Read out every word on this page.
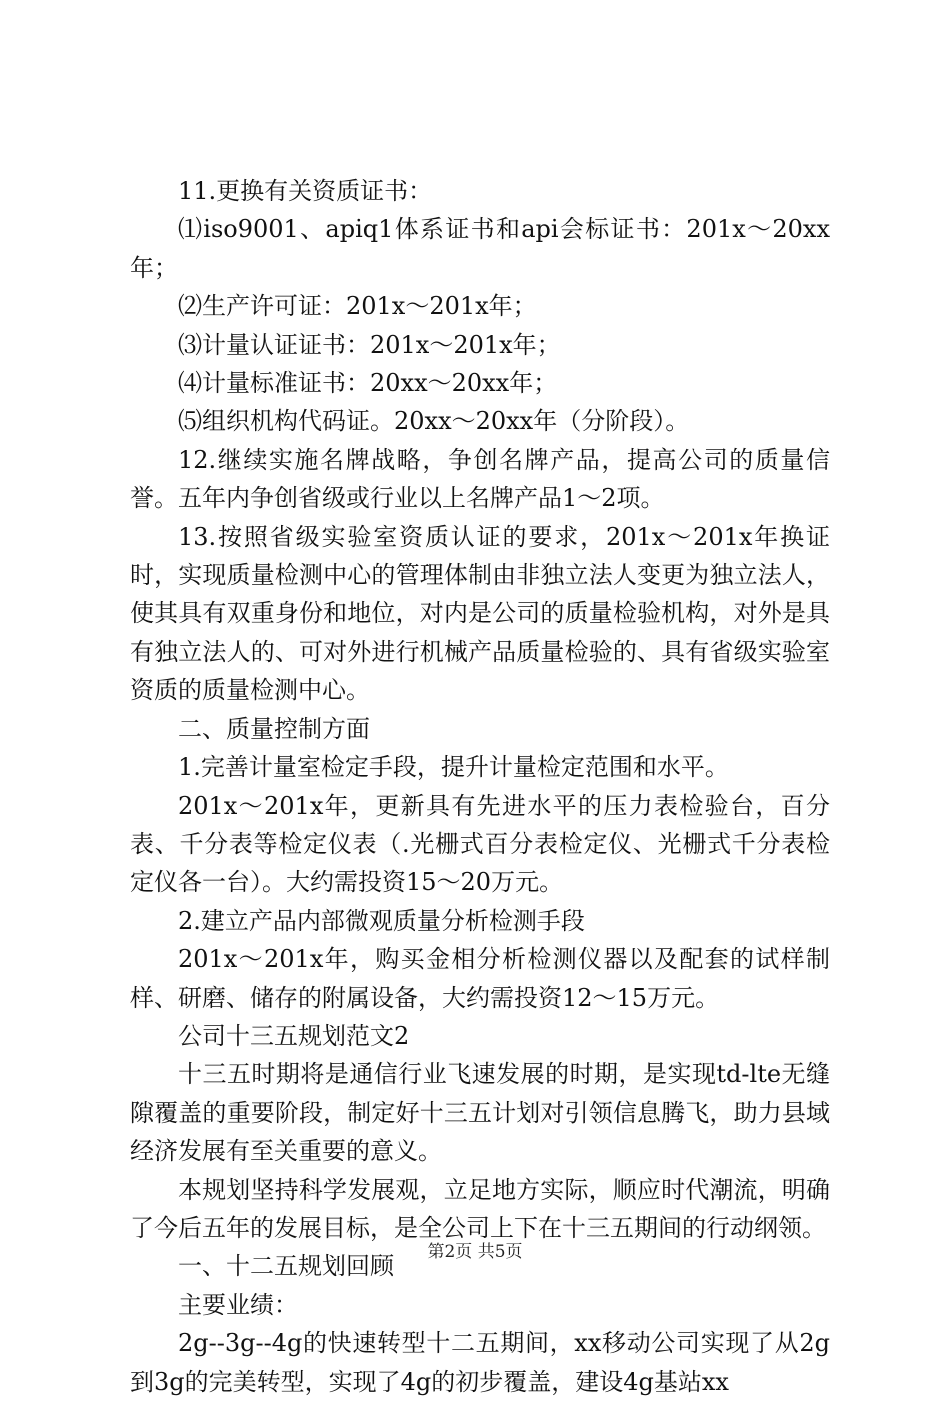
11.更换有关资质证书：

⑴iso9001、apiq1体系证书和api会标证书：201x～20xx年；

⑵生产许可证：201x～201x年；

⑶计量认证证书：201x～201x年；

⑷计量标准证书：20xx～20xx年；

⑸组织机构代码证。20xx～20xx年（分阶段）。

12.继续实施名牌战略，争创名牌产品，提高公司的质量信誉。五年内争创省级或行业以上名牌产品1～2项。

13.按照省级实验室资质认证的要求，201x～201x年换证时，实现质量检测中心的管理体制由非独立法人变更为独立法人，使其具有双重身份和地位，对内是公司的质量检验机构，对外是具有独立法人的、可对外进行机械产品质量检验的、具有省级实验室资质的质量检测中心。

二、质量控制方面

1.完善计量室检定手段，提升计量检定范围和水平。

201x～201x年，更新具有先进水平的压力表检验台，百分表、千分表等检定仪表（.光栅式百分表检定仪、光栅式千分表检定仪各一台）。大约需投资15～20万元。

2.建立产品内部微观质量分析检测手段

201x～201x年，购买金相分析检测仪器以及配套的试样制样、研磨、储存的附属设备，大约需投资12～15万元。

公司十三五规划范文2

十三五时期将是通信行业飞速发展的时期，是实现td-lte无缝隙覆盖的重要阶段，制定好十三五计划对引领信息腾飞，助力县域经济发展有至关重要的意义。

本规划坚持科学发展观，立足地方实际，顺应时代潮流，明确了今后五年的发展目标，是全公司上下在十三五期间的行动纲领。

一、十二五规划回顾

主要业绩：

2g--3g--4g的快速转型十二五期间，xx移动公司实现了从2g到3g的完美转型，实现了4g的初步覆盖，建设4g基站xx

第2页 共5页
